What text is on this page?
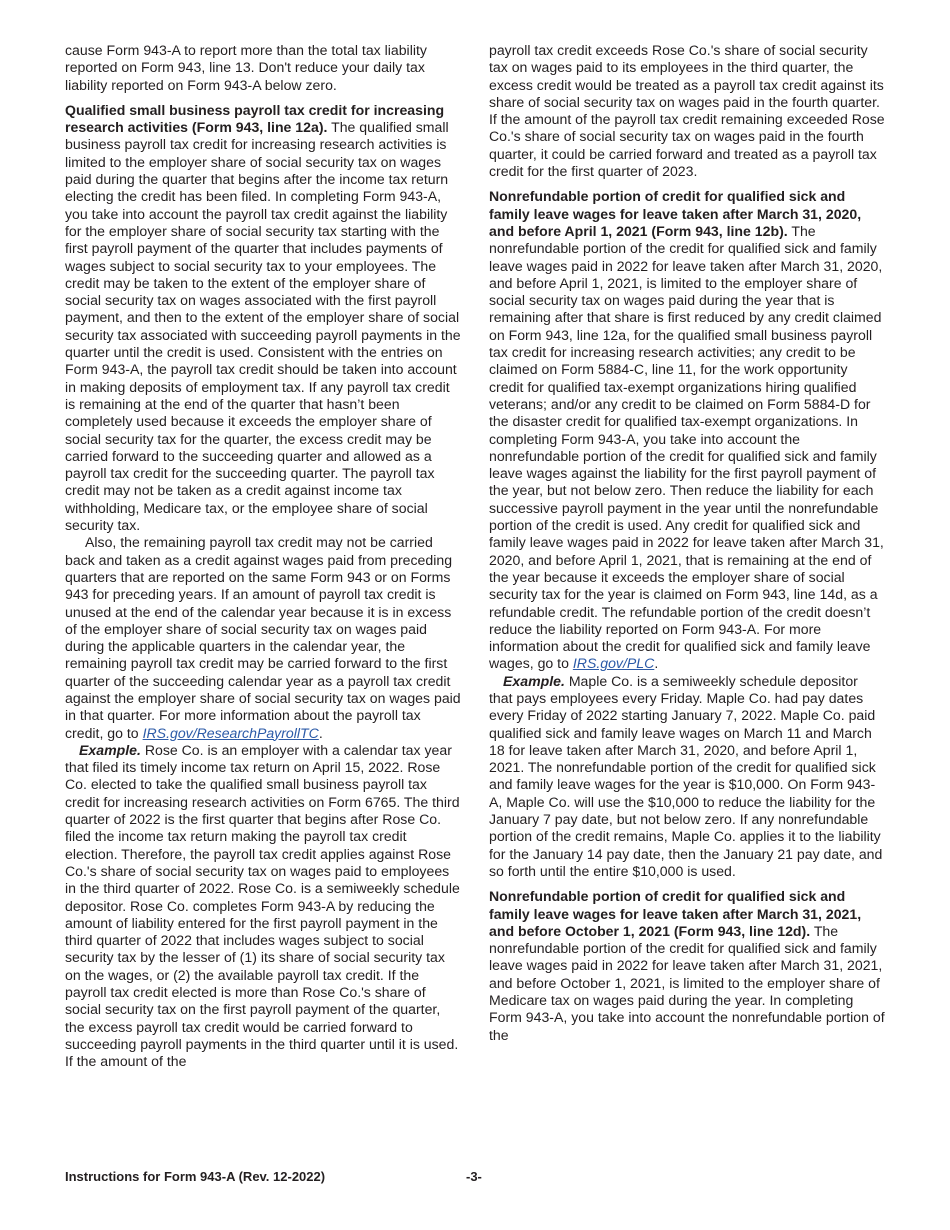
cause Form 943-A to report more than the total tax liability reported on Form 943, line 13. Don't reduce your daily tax liability reported on Form 943-A below zero.

Qualified small business payroll tax credit for increasing research activities (Form 943, line 12a). The qualified small business payroll tax credit for increasing research activities is limited to the employer share of social security tax on wages paid during the quarter that begins after the income tax return electing the credit has been filed. In completing Form 943-A, you take into account the payroll tax credit against the liability for the employer share of social security tax starting with the first payroll payment of the quarter that includes payments of wages subject to social security tax to your employees. The credit may be taken to the extent of the employer share of social security tax on wages associated with the first payroll payment, and then to the extent of the employer share of social security tax associated with succeeding payroll payments in the quarter until the credit is used. Consistent with the entries on Form 943-A, the payroll tax credit should be taken into account in making deposits of employment tax. If any payroll tax credit is remaining at the end of the quarter that hasn’t been completely used because it exceeds the employer share of social security tax for the quarter, the excess credit may be carried forward to the succeeding quarter and allowed as a payroll tax credit for the succeeding quarter. The payroll tax credit may not be taken as a credit against income tax withholding, Medicare tax, or the employee share of social security tax.

Also, the remaining payroll tax credit may not be carried back and taken as a credit against wages paid from preceding quarters that are reported on the same Form 943 or on Forms 943 for preceding years. If an amount of payroll tax credit is unused at the end of the calendar year because it is in excess of the employer share of social security tax on wages paid during the applicable quarters in the calendar year, the remaining payroll tax credit may be carried forward to the first quarter of the succeeding calendar year as a payroll tax credit against the employer share of social security tax on wages paid in that quarter. For more information about the payroll tax credit, go to IRS.gov/ResearchPayrollTC.

Example. Rose Co. is an employer with a calendar tax year that filed its timely income tax return on April 15, 2022. Rose Co. elected to take the qualified small business payroll tax credit for increasing research activities on Form 6765. The third quarter of 2022 is the first quarter that begins after Rose Co. filed the income tax return making the payroll tax credit election. Therefore, the payroll tax credit applies against Rose Co.'s share of social security tax on wages paid to employees in the third quarter of 2022. Rose Co. is a semiweekly schedule depositor. Rose Co. completes Form 943-A by reducing the amount of liability entered for the first payroll payment in the third quarter of 2022 that includes wages subject to social security tax by the lesser of (1) its share of social security tax on the wages, or (2) the available payroll tax credit. If the payroll tax credit elected is more than Rose Co.'s share of social security tax on the first payroll payment of the quarter, the excess payroll tax credit would be carried forward to succeeding payroll payments in the third quarter until it is used. If the amount of the

payroll tax credit exceeds Rose Co.'s share of social security tax on wages paid to its employees in the third quarter, the excess credit would be treated as a payroll tax credit against its share of social security tax on wages paid in the fourth quarter. If the amount of the payroll tax credit remaining exceeded Rose Co.'s share of social security tax on wages paid in the fourth quarter, it could be carried forward and treated as a payroll tax credit for the first quarter of 2023.

Nonrefundable portion of credit for qualified sick and family leave wages for leave taken after March 31, 2020, and before April 1, 2021 (Form 943, line 12b). The nonrefundable portion of the credit for qualified sick and family leave wages paid in 2022 for leave taken after March 31, 2020, and before April 1, 2021, is limited to the employer share of social security tax on wages paid during the year that is remaining after that share is first reduced by any credit claimed on Form 943, line 12a, for the qualified small business payroll tax credit for increasing research activities; any credit to be claimed on Form 5884-C, line 11, for the work opportunity credit for qualified tax-exempt organizations hiring qualified veterans; and/or any credit to be claimed on Form 5884-D for the disaster credit for qualified tax-exempt organizations. In completing Form 943-A, you take into account the nonrefundable portion of the credit for qualified sick and family leave wages against the liability for the first payroll payment of the year, but not below zero. Then reduce the liability for each successive payroll payment in the year until the nonrefundable portion of the credit is used. Any credit for qualified sick and family leave wages paid in 2022 for leave taken after March 31, 2020, and before April 1, 2021, that is remaining at the end of the year because it exceeds the employer share of social security tax for the year is claimed on Form 943, line 14d, as a refundable credit. The refundable portion of the credit doesn’t reduce the liability reported on Form 943-A. For more information about the credit for qualified sick and family leave wages, go to IRS.gov/PLC.

Example. Maple Co. is a semiweekly schedule depositor that pays employees every Friday. Maple Co. had pay dates every Friday of 2022 starting January 7, 2022. Maple Co. paid qualified sick and family leave wages on March 11 and March 18 for leave taken after March 31, 2020, and before April 1, 2021. The nonrefundable portion of the credit for qualified sick and family leave wages for the year is $10,000. On Form 943-A, Maple Co. will use the $10,000 to reduce the liability for the January 7 pay date, but not below zero. If any nonrefundable portion of the credit remains, Maple Co. applies it to the liability for the January 14 pay date, then the January 21 pay date, and so forth until the entire $10,000 is used.

Nonrefundable portion of credit for qualified sick and family leave wages for leave taken after March 31, 2021, and before October 1, 2021 (Form 943, line 12d). The nonrefundable portion of the credit for qualified sick and family leave wages paid in 2022 for leave taken after March 31, 2021, and before October 1, 2021, is limited to the employer share of Medicare tax on wages paid during the year. In completing Form 943-A, you take into account the nonrefundable portion of the

Instructions for Form 943-A (Rev. 12-2022)	-3-
